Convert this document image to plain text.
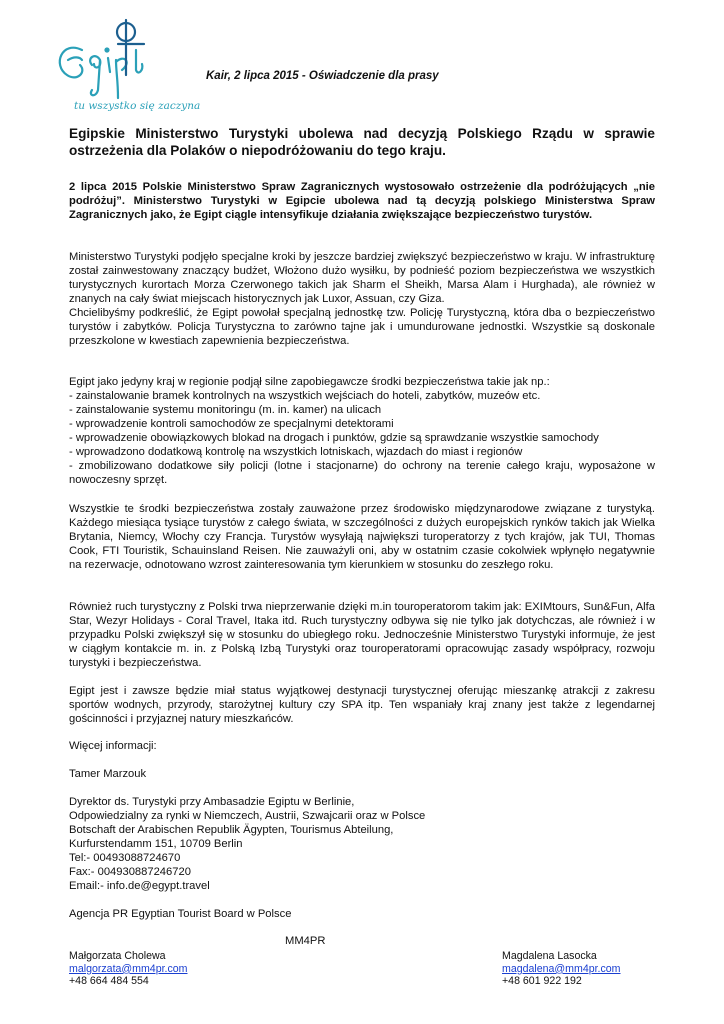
tu wszystko się zaczyna
Kair, 2 lipca 2015 - Oświadczenie dla prasy
Egipskie Ministerstwo Turystyki ubolewa nad decyzją Polskiego Rządu w sprawie ostrzeżenia dla Polaków o niepodróżowaniu do tego kraju.
2 lipca 2015 Polskie Ministerstwo Spraw Zagranicznych wystosowało ostrzeżenie dla podróżujących „nie podróżuj”. Ministerstwo Turystyki w Egipcie ubolewa nad tą decyzją polskiego Ministerstwa Spraw Zagranicznych jako, że Egipt ciągle intensyfikuje działania zwiększające bezpieczeństwo turystów.

Ministerstwo Turystyki podjęło specjalne kroki by jeszcze bardziej zwiększyć bezpieczeństwo w kraju. W infrastrukturę został zainwestowany znaczący budżet, Włożono dużo wysiłku, by podnieść poziom bezpieczeństwa we wszystkich turystycznych kurortach Morza Czerwonego takich jak Sharm el Sheikh, Marsa Alam i Hurghada), ale również w znanych na cały świat miejscach historycznych jak Luxor, Assuan, czy Giza.

Chcielibyśmy podkreślić, że Egipt powołał specjalną jednostkę tzw. Policję Turystyczną, która dba o bezpieczeństwo turystów i zabytków. Policja Turystyczna to zarówno tajne jak i umundurowane jednostki. Wszystkie są doskonale przeszkolone w kwestiach zapewnienia bezpieczeństwa.

Egipt jako jedyny kraj w regionie podjął silne zapobiegawcze środki bezpieczeństwa takie jak np.:
- zainstalowanie bramek kontrolnych na wszystkich wejściach do hoteli, zabytków, muzeów etc.
- zainstalowanie systemu monitoringu (m. in. kamer) na ulicach
- wprowadzenie kontroli samochodów ze specjalnymi detektorami
- wprowadzenie obowiązkowych blokad na drogach i punktów, gdzie są sprawdzanie wszystkie samochody
- wprowadzono dodatkową kontrolę na wszystkich lotniskach, wjazdach do miast i regionów
- zmobilizowano dodatkowe siły policji (lotne i stacjonarne) do ochrony na terenie całego kraju, wyposażone w nowoczesny sprzęt.

Wszystkie te środki bezpieczeństwa zostały zauważone przez środowisko międzynarodowe związane z turystyką. Każdego miesiąca tysiące turystów z całego świata, w szczególności z dużych europejskich rynków takich jak Wielka Brytania, Niemcy, Włochy czy Francja. Turystów wysyłają największi turoperatorzy z tych krajów, jak TUI, Thomas Cook, FTI Touristik, Schauinsland Reisen. Nie zauważyli oni, aby w ostatnim czasie cokolwiek wpłynęło negatywnie na rezerwacje, odnotowano wzrost zainteresowania tym kierunkiem w stosunku do zeszłego roku.

Również ruch turystyczny z Polski trwa nieprzerwanie dzięki m.in touroperatorom takim jak: EXIMtours, Sun&Fun, Alfa Star, Wezyr Holidays - Coral Travel, Itaka itd. Ruch turystyczny odbywa się nie tylko jak dotychczas, ale również i w przypadku Polski zwiększył się w stosunku do ubiegłego roku. Jednocześnie Ministerstwo Turystyki informuje, że jest w ciągłym kontakcie m. in. z Polską Izbą Turystyki oraz touroperatorami opracowując zasady współpracy, rozwoju turystyki i bezpieczeństwa.

Egipt jest i zawsze będzie miał status wyjątkowej destynacji turystycznej oferując mieszankę atrakcji z zakresu sportów wodnych, przyrody, starożytnej kultury czy SPA itp. Ten wspaniały kraj znany jest także z legendarnej gościnności i przyjaznej natury mieszkańców.

Więcej informacji:
Tamer Marzouk
Dyrektor ds. Turystyki przy Ambasadzie Egiptu w Berlinie,
Odpowiedzialny za rynki w Niemczech, Austrii, Szwajcarii oraz w Polsce
Botschaft der Arabischen Republik Ägypten, Tourismus Abteilung,
Kurfurstendamm 151, 10709 Berlin
Tel:- 00493088724670
Fax:- 004930887246720
Email:- info.de@egypt.travel
Agencja PR Egyptian Tourist Board w Polsce
MM4PR
Małgorzata Cholewa
malgorzata@mm4pr.com
+48 664 484 554
Magdalena Lasocka
magdalena@mm4pr.com
+48 601 922 192
